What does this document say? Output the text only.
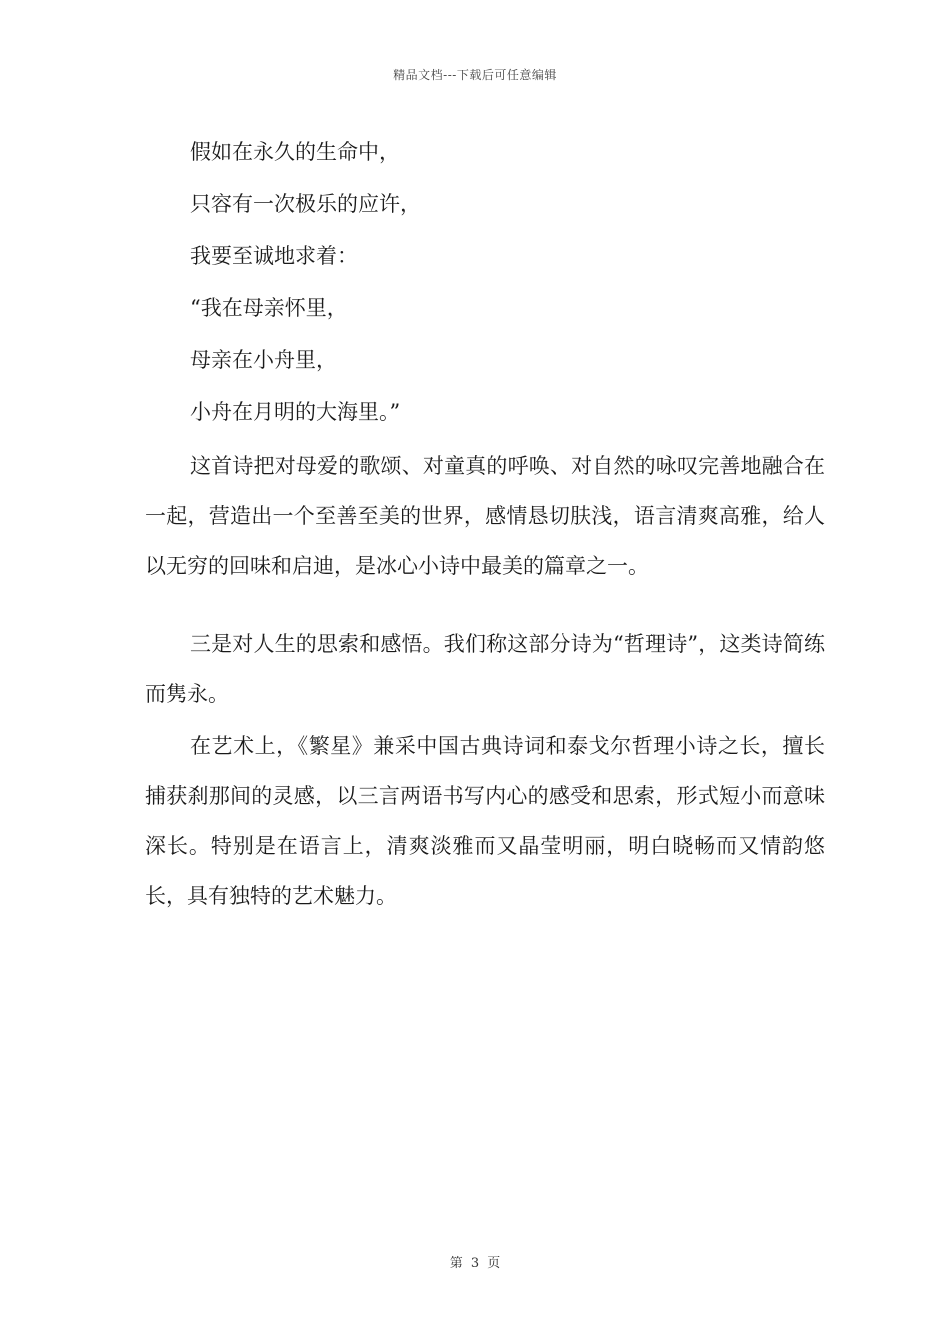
精品文档---下载后可任意编辑

假如在永久的生命中，

只容有一次极乐的应许，

我要至诚地求着：

“我在母亲怀里，

母亲在小舟里，

小舟在月明的大海里。”

这首诗把对母爱的歌颂、对童真的呼唤、对自然的咏叹完善地融合在一起，营造出一个至善至美的世界，感情恳切肤浅，语言清爽高雅，给人以无穷的回味和启迪，是冰心小诗中最美的篇章之一。

三是对人生的思索和感悟。我们称这部分诗为“哲理诗”，这类诗简练而隽永。

在艺术上，《繁星》兼采中国古典诗词和泰戈尔哲理小诗之长，擅长捕获刹那间的灵感，以三言两语书写内心的感受和思索，形式短小而意味深长。特别是在语言上，清爽淡雅而又晶莹明丽，明白晓畅而又情韵悠长，具有独特的艺术魅力。

第 3 页
